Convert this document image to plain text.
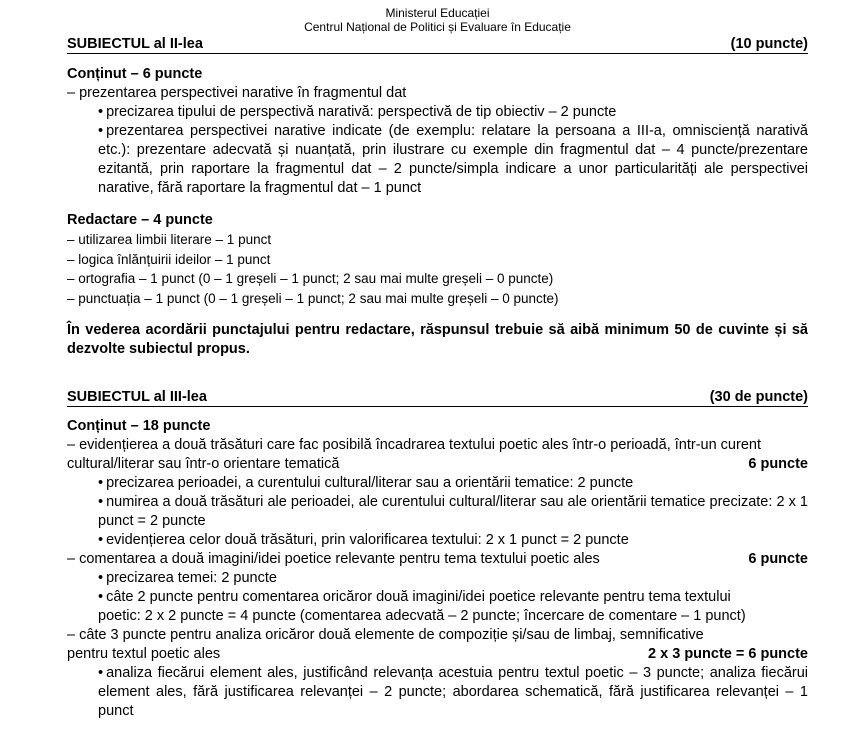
Ministerul Educației
Centrul Național de Politici și Evaluare în Educație
SUBIECTUL al II-lea	(10 puncte)
Conținut – 6 puncte
– prezentarea perspectivei narative în fragmentul dat
• precizarea tipului de perspectivă narativă: perspectivă de tip obiectiv – 2 puncte
• prezentarea perspectivei narative indicate (de exemplu: relatare la persoana a III-a, omnisciență narativă etc.): prezentare adecvată și nuanțată, prin ilustrare cu exemple din fragmentul dat – 4 puncte/prezentare ezitantă, prin raportare la fragmentul dat – 2 puncte/simpla indicare a unor particularități ale perspectivei narative, fără raportare la fragmentul dat – 1 punct
Redactare – 4 puncte
– utilizarea limbii literare – 1 punct
– logica înlănțuirii ideilor – 1 punct
– ortografia – 1 punct (0 – 1 greșeli – 1 punct; 2 sau mai multe greșeli – 0 puncte)
– punctuația – 1 punct (0 – 1 greșeli – 1 punct; 2 sau mai multe greșeli – 0 puncte)
În vederea acordării punctajului pentru redactare, răspunsul trebuie să aibă minimum 50 de cuvinte și să dezvolte subiectul propus.
SUBIECTUL al III-lea	(30 de puncte)
Conținut – 18 puncte
– evidențierea a două trăsături care fac posibilă încadrarea textului poetic ales într-o perioadă, într-un curent
cultural/literar sau într-o orientare tematică	6 puncte
• precizarea perioadei, a curentului cultural/literar sau a orientării tematice: 2 puncte
• numirea a două trăsături ale perioadei, ale curentului cultural/literar sau ale orientării tematice precizate: 2 x 1 punct = 2 puncte
• evidențierea celor două trăsături, prin valorificarea textului: 2 x 1 punct = 2 puncte
– comentarea a două imagini/idei poetice relevante pentru tema textului poetic ales	6 puncte
• precizarea temei: 2 puncte
• câte 2 puncte pentru comentarea oricăror două imagini/idei poetice relevante pentru tema textului
poetic: 2 x 2 puncte = 4 puncte (comentarea adecvată – 2 puncte; încercare de comentare – 1 punct)
– câte 3 puncte pentru analiza oricăror două elemente de compoziție și/sau de limbaj, semnificative
pentru textul poetic ales	2 x 3 puncte = 6 puncte
• analiza fiecărui element ales, justificând relevanța acestuia pentru textul poetic – 3 puncte; analiza fiecărui element ales, fără justificarea relevanței – 2 puncte; abordarea schematică, fără justificarea relevanței – 1 punct
